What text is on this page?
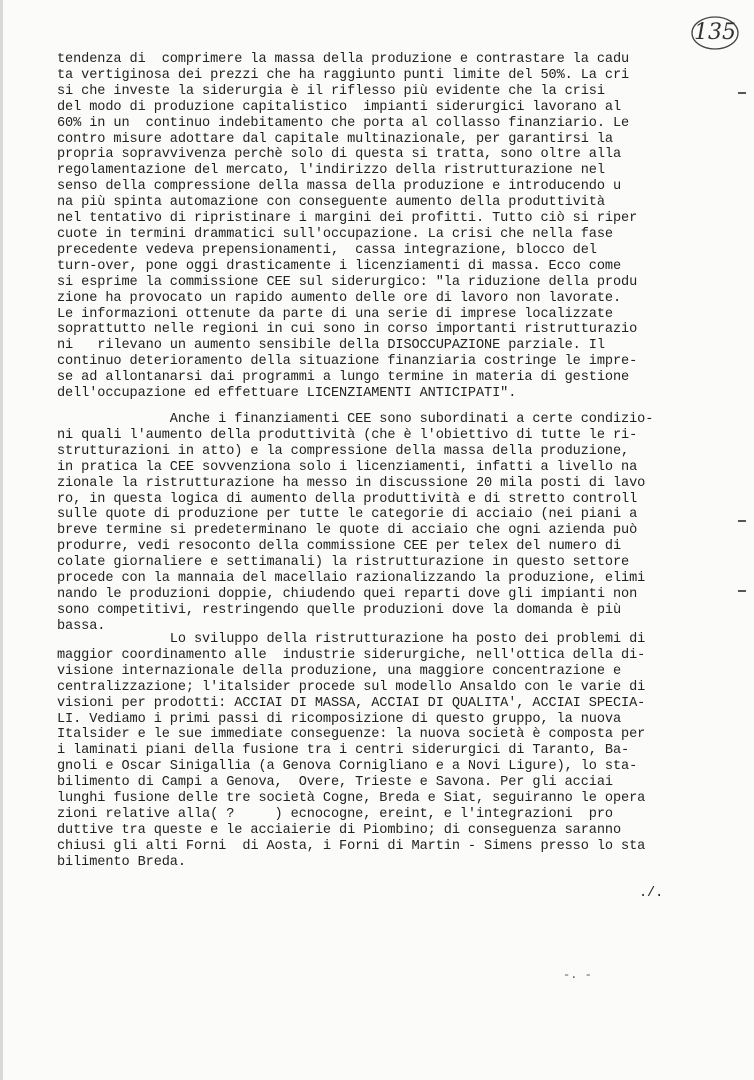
135
tendenza di  comprimere la massa della produzione e contrastare la cadu
ta vertiginosa dei prezzi che ha raggiunto punti limite del 50%. La cri
si che investe la siderurgia è il riflesso più evidente che la crisi
del modo di produzione capitalistico  impianti siderurgici lavorano al
60% in un  continuo indebitamento che porta al collasso finanziario. Le
contro misure adottare dal capitale multinazionale, per garantirsi la
propria sopravvivenza perchè solo di questa si tratta, sono oltre alla
regolamentazione del mercato, l'indirizzo della ristrutturazione nel
senso della compressione della massa della produzione e introducendo u
na più spinta automazione con conseguente aumento della produttività
nel tentativo di ripristinare i margini dei profitti. Tutto ciò si riper
cuote in termini drammatici sull'occupazione. La crisi che nella fase
precedente vedeva prepensionamenti,  cassa integrazione, blocco del
turn-over, pone oggi drasticamente i licenziamenti di massa. Ecco come
si esprime la commissione CEE sul siderurgico: "la riduzione della produ
zione ha provocato un rapido aumento delle ore di lavoro non lavorate.
Le informazioni ottenute da parte di una serie di imprese localizzate
soprattutto nelle regioni in cui sono in corso importanti ristrutturazio
ni   rilevano un aumento sensibile della DISOCCUPAZIONE parziale. Il
continuo deterioramento della situazione finanziaria costringe le impre-
se ad allontanarsi dai programmi a lungo termine in materia di gestione
dell'occupazione ed effettuare LICENZIAMENTI ANTICIPATI".
Anche i finanziamenti CEE sono subordinati a certe condizio-
ni quali l'aumento della produttività (che è l'obiettivo di tutte le ri-
strutturazioni in atto) e la compressione della massa della produzione,
in pratica la CEE sovvenziona solo i licenziamenti, infatti a livello na
zionale la ristrutturazione ha messo in discussione 20 mila posti di lavo
ro, in questa logica di aumento della produttività e di stretto controll
sulle quote di produzione per tutte le categorie di acciaio (nei piani a
breve termine si predeterminano le quote di acciaio che ogni azienda può
produrre, vedi resoconto della commissione CEE per telex del numero di
colate giornaliere e settimanali) la ristrutturazione in questo settore
procede con la mannaia del macellaio razionalizzando la produzione, elimi
nando le produzioni doppie, chiudendo quei reparti dove gli impianti non
sono competitivi, restringendo quelle produzioni dove la domanda è più
bassa.
Lo sviluppo della ristrutturazione ha posto dei problemi di
maggior coordinamento alle  industrie siderurgiche, nell'ottica della di-
visione internazionale della produzione, una maggiore concentrazione e
centralizzazione; l'italsider procede sul modello Ansaldo con le varie di
visioni per prodotti: ACCIAI DI MASSA, ACCIAI DI QUALITA', ACCIAI SPECIA-
LI. Vediamo i primi passi di ricomposizione di questo gruppo, la nuova
Italsider e le sue immediate conseguenze: la nuova società è composta per
i laminati piani della fusione tra i centri siderurgici di Taranto, Ba-
gnoli e Oscar Sinigallia (a Genova Cornigliano e a Novi Ligure), lo sta-
bilimento di Campi a Genova,  Overe, Trieste e Savona. Per gli acciai
lunghi fusione delle tre società Cogne, Breda e Siat, seguiranno le opera
zioni relative alla( ?     ) ecnocogne, ereint, e l'integrazioni  pro
duttive tra queste e le acciaierie di Piombino; di conseguenza saranno
chiusi gli alti Forni  di Aosta, i Forni di Martin - Simens presso lo sta
bilimento Breda.
./.
-. -
